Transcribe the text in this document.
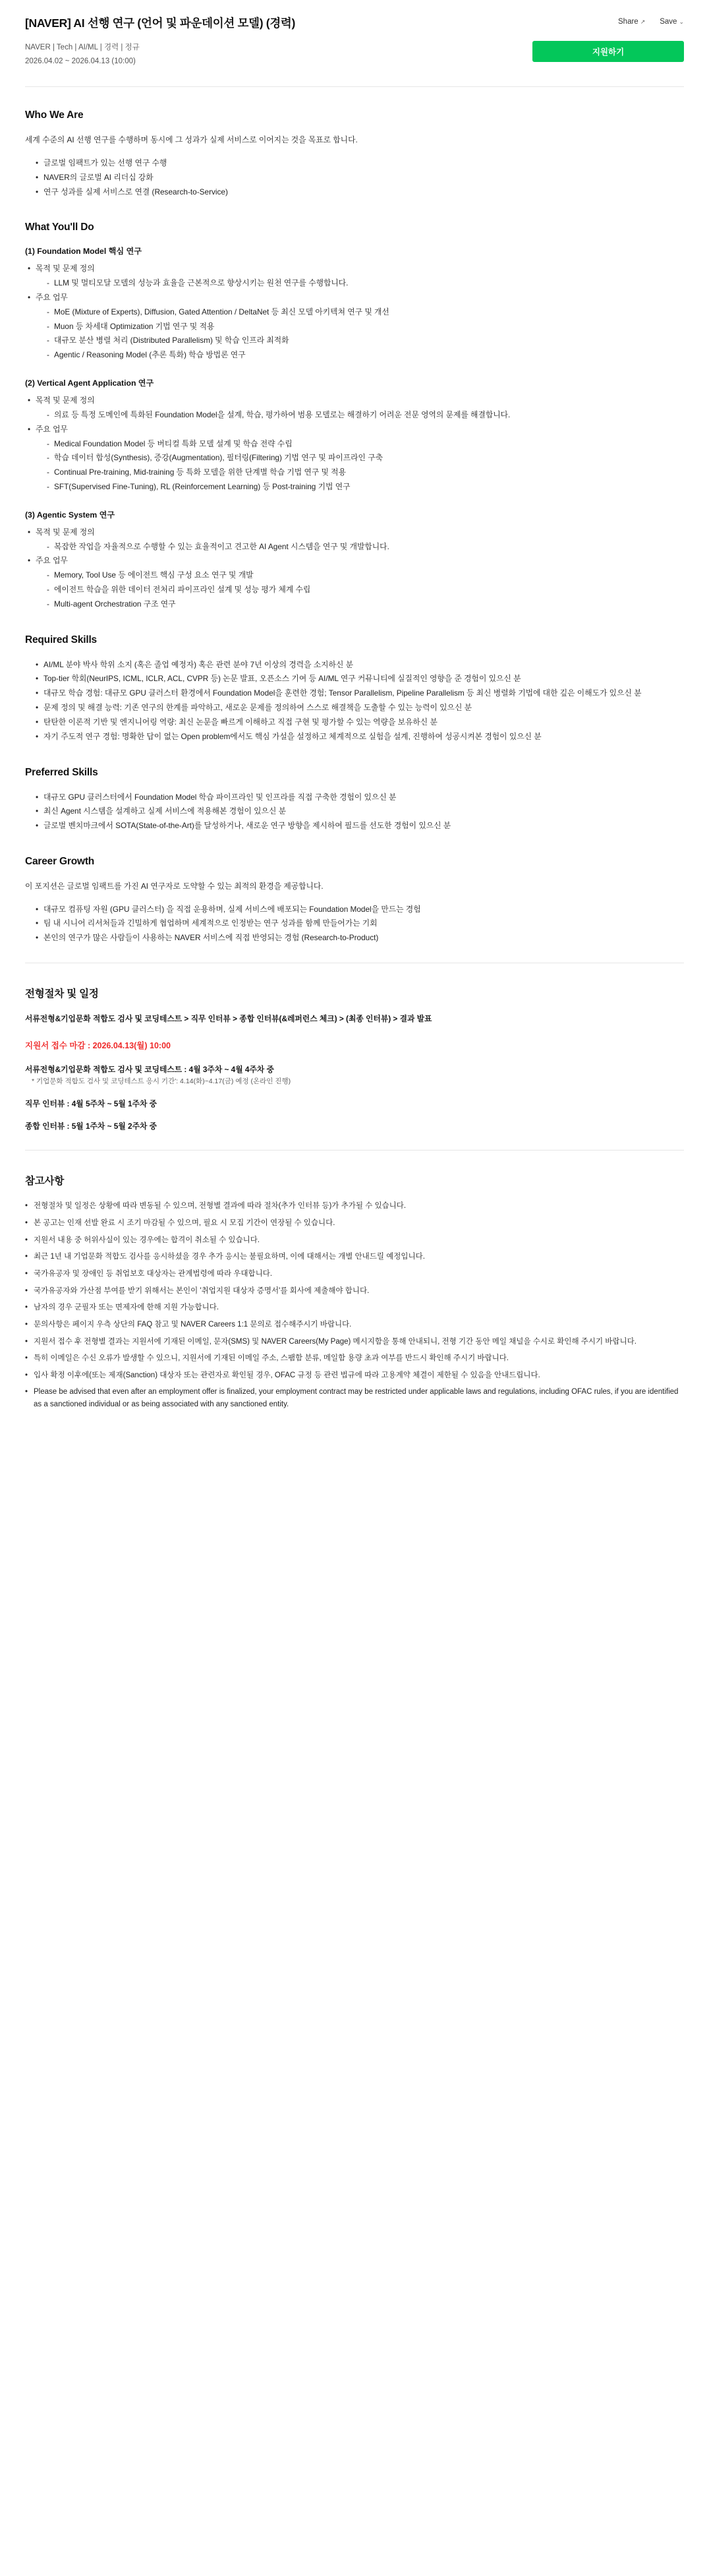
[NAVER] AI 선행 연구 (언어 및 파운데이션 모델) (경력)	Share ↗ Save ⌄
NAVER | Tech | AI/ML | 경력 | 정규
2026.04.02 ~ 2026.04.13 (10:00)
지원하기
Who We Are

세계 수준의 AI 선행 연구를 수행하며 동시에 그 성과가 실제 서비스로 이어지는 것을 목표로 합니다.

• 글로벌 임팩트가 있는 선행 연구 수행
• NAVER의 글로벌 AI 리더십 강화
• 연구 성과를 실제 서비스로 연결 (Research-to-Service)
What You'll Do
(1) Foundation Model 핵심 연구
• 목적 및 문제 정의
- LLM 및 멀티모달 모델의 성능과 효율을 근본적으로 향상시키는 원천 연구를 수행합니다.
• 주요 업무
- MoE (Mixture of Experts), Diffusion, Gated Attention / DeltaNet 등 최신 모델 아키텍쳐 연구 및 개선
- Muon 등 차세대 Optimization 기법 연구 및 적용
- 대규모 분산 병렬 처리 (Distributed Parallelism) 및 학습 인프라 최적화
- Agentic / Reasoning Model (추론 특화) 학습 방법론 연구
(2) Vertical Agent Application 연구
• 목적 및 문제 정의
- 의료 등 특정 도메인에 특화된 Foundation Model을 설계, 학습, 평가하여 범용 모델로는 해결하기 어려운 전문 영역의 문제를 해결합니다.
• 주요 업무
- Medical Foundation Model 등 버티컬 특화 모델 설계 및 학습 전략 수립
- 학습 데이터 합성(Synthesis), 증강(Augmentation), 필터링(Filtering) 기법 연구 및 파이프라인 구축
- Continual Pre-training, Mid-training 등 특화 모델을 위한 단계별 학습 기법 연구 및 적용
- SFT(Supervised Fine-Tuning), RL (Reinforcement Learning) 등 Post-training 기법 연구
(3) Agentic System 연구
• 목적 및 문제 정의
- 복잡한 작업을 자율적으로 수행할 수 있는 효율적이고 견고한 AI Agent 시스템을 연구 및 개발합니다.
• 주요 업무
- Memory, Tool Use 등 에이전트 핵심 구성 요소 연구 및 개발
- 에이전트 학습을 위한 데이터 전처리 파이프라인 설계 및 성능 평가 체계 수립
- Multi-agent Orchestration 구조 연구
Required Skills
• AI/ML 분야 박사 학위 소지 (혹은 졸업 예정자) 혹은 관련 분야 7년 이상의 경력을 소지하신 분
• Top-tier 학회(NeurIPS, ICML, ICLR, ACL, CVPR 등) 논문 발표, 오픈소스 기여 등 AI/ML 연구 커뮤니티에 실질적인 영향을 준 경험이 있으신 분
• 대규모 학습 경험: 대규모 GPU 클러스터 환경에서 Foundation Model을 훈련한 경험; Tensor Parallelism, Pipeline Parallelism 등 최신 병렬화 기법에 대한 깊은 이해도가 있으신 분
• 문제 정의 및 해결 능력: 기존 연구의 한계를 파악하고, 새로운 문제를 정의하여 스스로 해결책을 도출할 수 있는 능력이 있으신 분
• 탄탄한 이론적 기반 및 엔지니어링 역량: 최신 논문을 빠르게 이해하고 직접 구현 및 평가할 수 있는 역량을 보유하신 분
• 자기 주도적 연구 경험: 명확한 답이 없는 Open problem에서도 핵심 가설을 설정하고 체계적으로 실험을 설계, 진행하여 성공시켜본 경험이 있으신 분
Preferred Skills
• 대규모 GPU 클러스터에서 Foundation Model 학습 파이프라인 및 인프라를 직접 구축한 경험이 있으신 분
• 최신 Agent 시스템을 설계하고 실제 서비스에 적용해본 경험이 있으신 분
• 글로벌 벤치마크에서 SOTA(State-of-the-Art)를 달성하거나, 새로운 연구 방향을 제시하여 필드를 선도한 경험이 있으신 분
Career Growth

이 포지션은 글로벌 임팩트를 가진 AI 연구자로 도약할 수 있는 최적의 환경을 제공합니다.

• 대규모 컴퓨팅 자원 (GPU 클러스터) 을 직접 운용하며, 실제 서비스에 배포되는 Foundation Model을 만드는 경험
• 팀 내 시니어 리서처들과 긴밀하게 협업하며 세계적으로 인정받는 연구 성과를 함께 만들어가는 기회
• 본인의 연구가 많은 사람들이 사용하는 NAVER 서비스에 직접 반영되는 경험 (Research-to-Product)
전형절차 및 일정
서류전형&기업문화 적합도 검사 및 코딩테스트 > 직무 인터뷰 > 종합 인터뷰(&레퍼런스 체크) > (최종 인터뷰) > 결과 발표
지원서 접수 마감 : 2026.04.13(월) 10:00
서류전형&기업문화 적합도 검사 및 코딩테스트 : 4월 3주차 ~ 4월 4주차 중
* 기업문화 적합도 검사 및 코딩테스트 응시 기간': 4.14(화)~4.17(금) 예정 (온라인 진행)
직무 인터뷰 : 4월 5주차 ~ 5월 1주차 중
종합 인터뷰 : 5월 1주차 ~ 5월 2주차 중
참고사항
• 전형절차 및 일정은 상황에 따라 변동될 수 있으며, 전형별 결과에 따라 절차(추가 인터뷰 등)가 추가될 수 있습니다.
• 본 공고는 인재 선발 완료 시 조기 마감될 수 있으며, 필요 시 모집 기간이 연장될 수 있습니다.
• 지원서 내용 중 허위사실이 있는 경우에는 합격이 취소될 수 있습니다.
• 최근 1년 내 기업문화 적합도 검사를 응시하셨을 경우 추가 응시는 불필요하며, 이에 대해서는 개별 안내드릴 예정입니다.
• 국가유공자 및 장애인 등 취업보호 대상자는 관계법령에 따라 우대합니다.
• 국가유공자와 가산점 부여를 받기 위해서는 본인이 '취업지원 대상자 증명서'를 회사에 제출해야 합니다.
• 남자의 경우 군필자 또는 면제자에 한해 지원 가능합니다.
• 문의사항은 페이지 우측 상단의 FAQ 참고 및 NAVER Careers 1:1 문의로 접수해주시기 바랍니다.
• 지원서 접수 후 전형별 결과는 지원서에 기재된 이메일, 문자(SMS) 및 NAVER Careers(My Page) 메시지함을 통해 안내되니, 전형 기간 동안 메일 채널을 수시로 확인해 주시기 바랍니다.
• 특히 이메일은 수신 오류가 발생할 수 있으니, 지원서에 기재된 이메일 주소, 스팸함 분류, 메일함 용량 초과 여부를 반드시 확인해 주시기 바랍니다.
• 입사 확정 이후에(또는 제재(Sanction) 대상자 또는 관련자로 확인될 경우, OFAC 규정 등 관련 법규에 따라 고용계약 체결이 제한될 수 있음을 안내드립니다.
• Please be advised that even after an employment offer is finalized, your employment contract may be restricted under applicable laws and regulations, including OFAC rules, if you are identified as a sanctioned individual or as being associated with any sanctioned entity.
